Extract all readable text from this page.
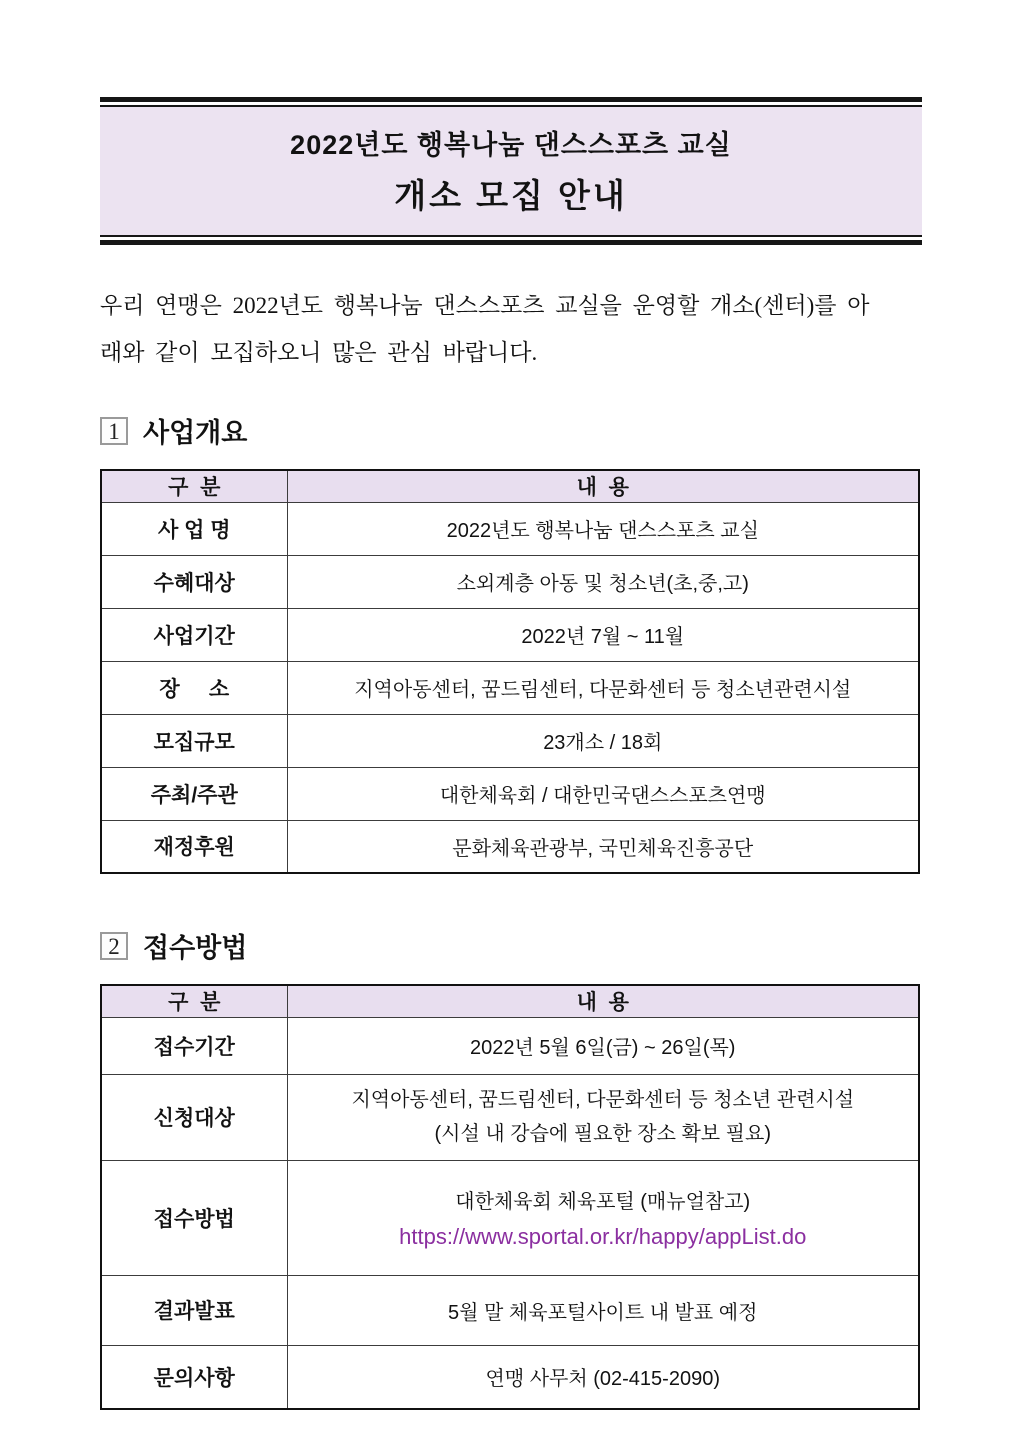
2022년도 행복나눔 댄스스포츠 교실
개소 모집 안내
우리 연맹은 2022년도 행복나눔 댄스스포츠 교실을 운영할 개소(센터)를 아
래와 같이 모집하오니 많은 관심 바랍니다.
1 사업개요
구  분	내  용
사 업 명	2022년도 행복나눔 댄스스포츠 교실
수혜대상	소외계층 아동 및 청소년(초,중,고)
사업기간	2022년 7월 ~ 11월
장     소	지역아동센터, 꿈드림센터, 다문화센터 등 청소년관련시설
모집규모	23개소 / 18회
주최/주관	대한체육회 / 대한민국댄스스포츠연맹
재정후원	문화체육관광부, 국민체육진흥공단
2 접수방법
구  분	내  용
접수기간	2022년 5월 6일(금) ~ 26일(목)
신청대상	지역아동센터, 꿈드림센터, 다문화센터 등 청소년 관련시설
(시설 내 강습에 필요한 장소 확보 필요)

접수방법	대한체육회 체육포털 (매뉴얼참고)
https://www.sportal.or.kr/happy/appList.do

결과발표	5월 말 체육포털사이트 내 발표 예정
문의사항	연맹 사무처 (02-415-2090)
